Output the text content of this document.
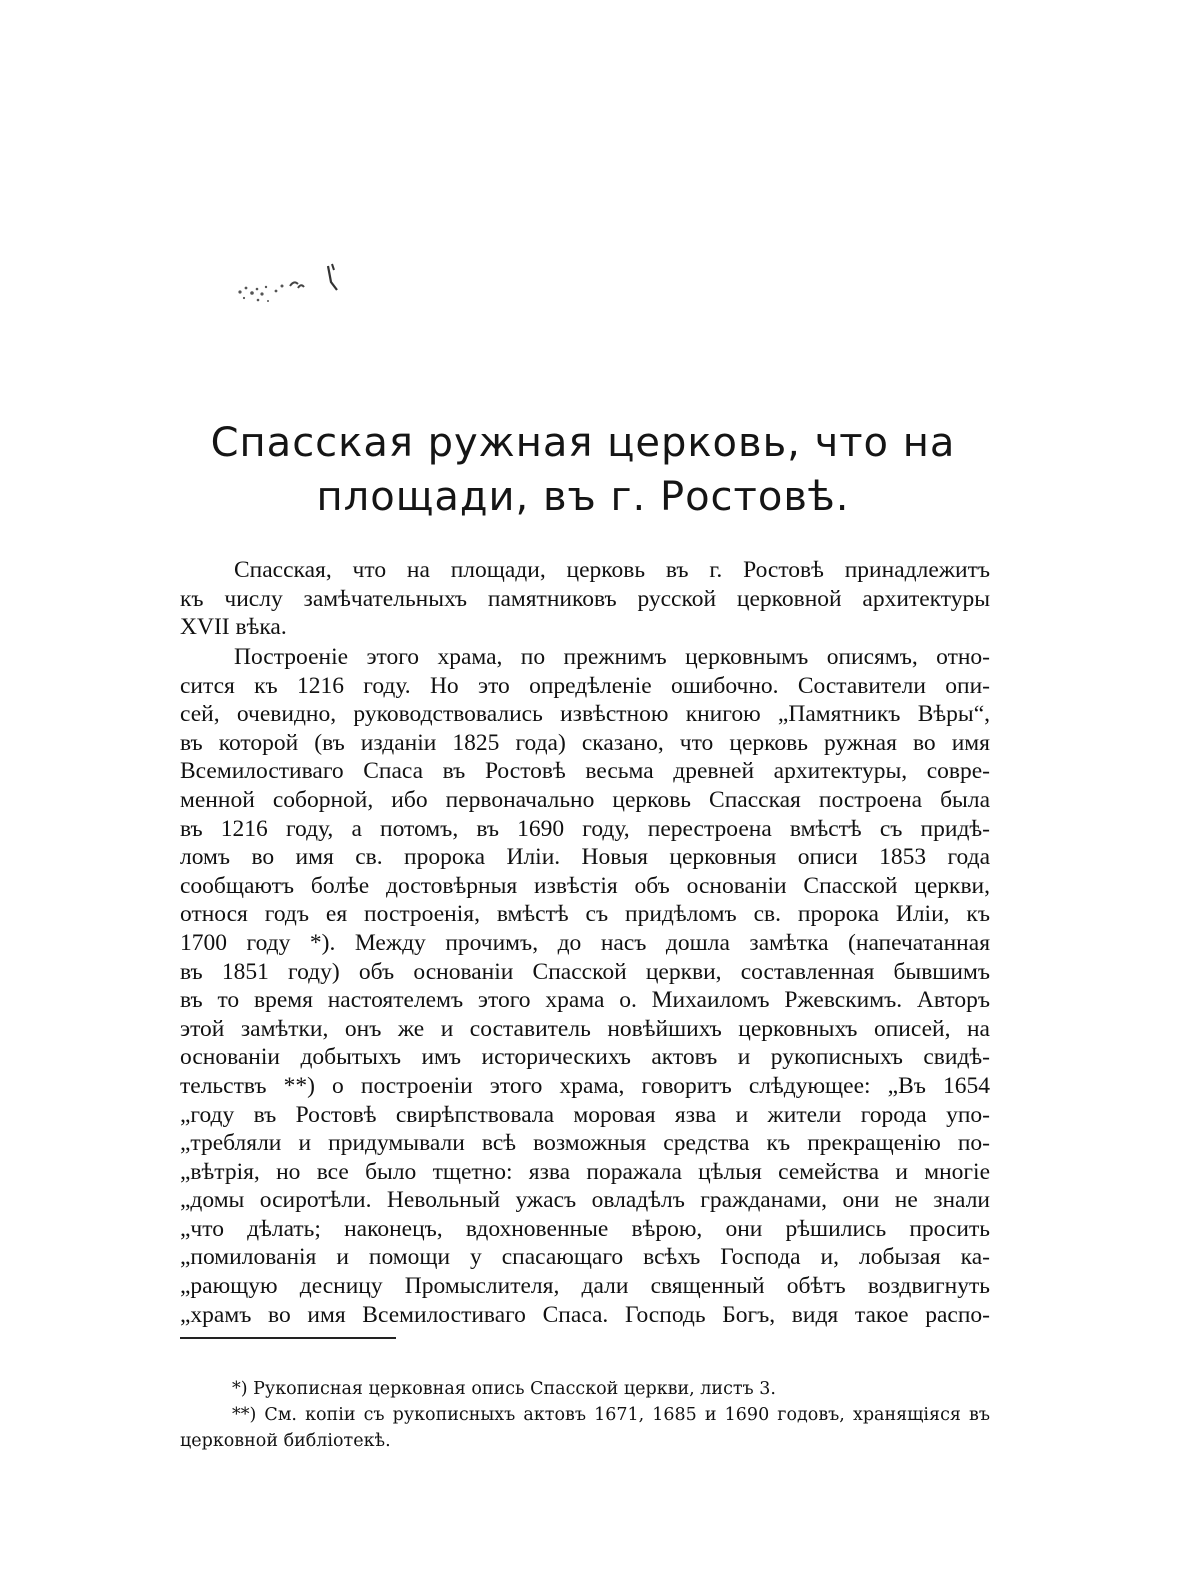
Спасская ружная церковь, что на
площади, въ г. Ростовѣ.
Спасская, что на площади, церковь въ г. Ростовѣ принадлежитъ
къ числу замѣчательныхъ памятниковъ русской церковной архитектуры
XVII вѣка.
Построеніе этого храма, по прежнимъ церковнымъ описямъ, отно-
сится къ 1216 году. Но это опредѣленіе ошибочно. Составители опи-
сей, очевидно, руководствовались извѣстною книгою „Памятникъ Вѣры“,
въ которой (въ изданіи 1825 года) сказано, что церковь ружная во имя
Всемилостиваго Спаса въ Ростовѣ весьма древней архитектуры, совре-
менной соборной, ибо первоначально церковь Спасская построена была
въ 1216 году, а потомъ, въ 1690 году, перестроена вмѣстѣ съ придѣ-
ломъ во имя св. пророка Иліи. Новыя церковныя описи 1853 года
сообщаютъ болѣе достовѣрныя извѣстія объ основаніи Спасской церкви,
относя годъ ея построенія, вмѣстѣ съ придѣломъ св. пророка Иліи, къ
1700 году *). Между прочимъ, до насъ дошла замѣтка (напечатанная
въ 1851 году) объ основаніи Спасской церкви, составленная бывшимъ
въ то время настоятелемъ этого храма о. Михаиломъ Ржевскимъ. Авторъ
этой замѣтки, онъ же и составитель новѣйшихъ церковныхъ описей, на
основаніи добытыхъ имъ историческихъ актовъ и рукописныхъ свидѣ-
тельствъ **) о построеніи этого храма, говоритъ слѣдующее: „Въ 1654
„году въ Ростовѣ свирѣпствовала моровая язва и жители города упо-
„требляли и придумывали всѣ возможныя средства къ прекращенію по-
„вѣтрія, но все было тщетно: язва поражала цѣлыя семейства и многіе
„домы осиротѣли. Невольный ужасъ овладѣлъ гражданами, они не знали
„что дѣлать; наконецъ, вдохновенные вѣрою, они рѣшились просить
„помилованія и помощи у спасающаго всѣхъ Господа и, лобызая ка-
„рающую десницу Промыслителя, дали священный обѣтъ воздвигнуть
„храмъ во имя Всемилостиваго Спаса. Господь Богъ, видя такое распо-
*) Рукописная церковная опись Спасской церкви, листъ 3.
**) См. копіи съ рукописныхъ актовъ 1671, 1685 и 1690 годовъ, хранящіяся въ церковной библіотекѣ.
